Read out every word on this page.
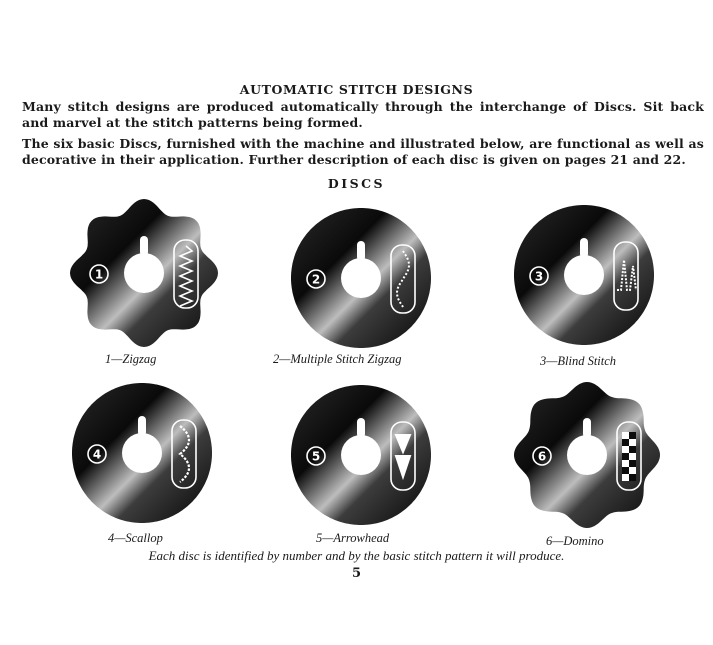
AUTOMATIC STITCH DESIGNS
Many stitch designs are produced automatically through the interchange of Discs. Sit back and marvel at the stitch patterns being formed.
The six basic Discs, furnished with the machine and illustrated below, are functional as well as decorative in their application. Further description of each disc is given on pages 21 and 22.
DISCS
1	2	3
1—Zigzag	2—Multiple Stitch Zigzag	3—Blind Stitch
4	5	6
4—Scallop	5—Arrowhead	6—Domino
Each disc is identified by number and by the basic stitch pattern it will produce.
5
